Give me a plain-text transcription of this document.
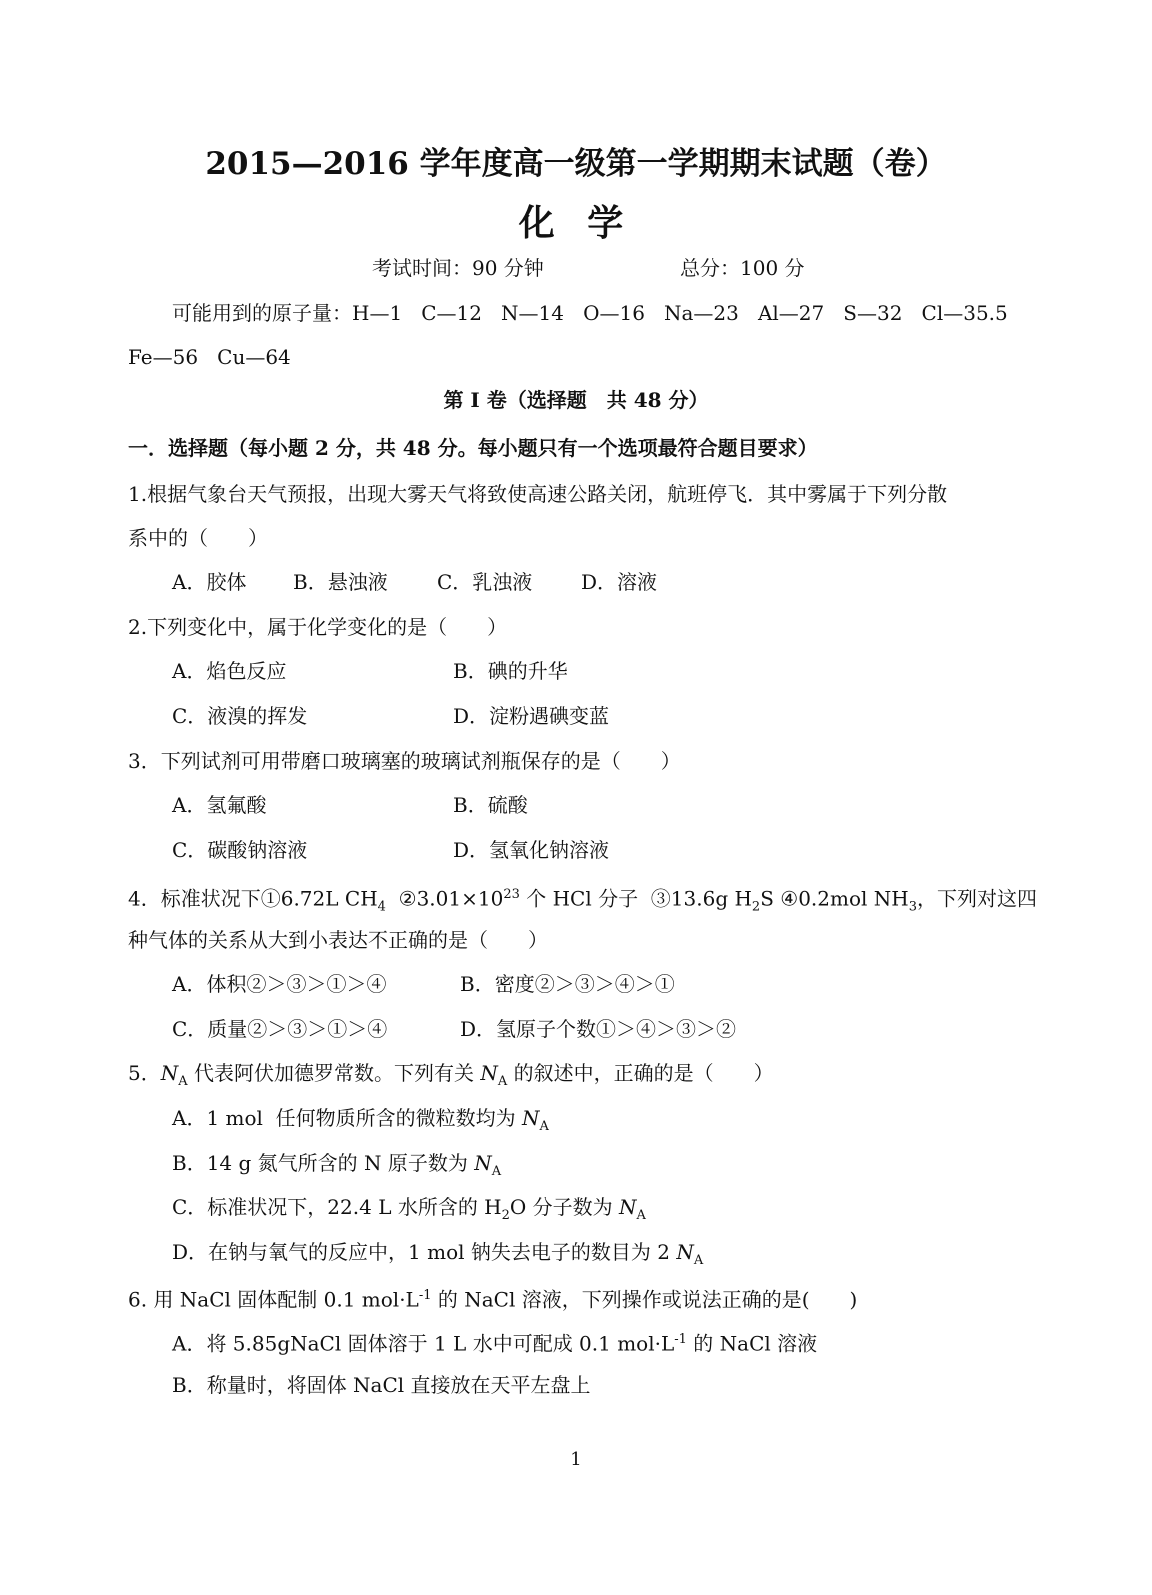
2015—2016 学年度高一级第一学期期末试题（卷）
化 学
考试时间：90 分钟	总分：100 分
可能用到的原子量：H—1   C—12   N—14   O—16   Na—23   Al—27   S—32   Cl—35.5
Fe—56   Cu—64
第 I 卷（选择题　共 48 分）
一．选择题（每小题 2 分，共 48 分。每小题只有一个选项最符合题目要求）
1.根据气象台天气预报，出现大雾天气将致使高速公路关闭，航班停飞．其中雾属于下列分散
系中的（　　）
A．胶体 B．悬浊液 C．乳浊液 D．溶液
2.下列变化中，属于化学变化的是（　　）
A．焰色反应	B．碘的升华
C．液溴的挥发	D．淀粉遇碘变蓝
3．下列试剂可用带磨口玻璃塞的玻璃试剂瓶保存的是（　　）
A．氢氟酸	B．硫酸
C．碳酸钠溶液	D．氢氧化钠溶液
4．标准状况下①6.72L $CH_4$  $②3.01\times 10^{23}$ 个 HCl 分子  ③13.6g $H_2S$ ④0.2mol $NH_3$，下列对这四
种气体的关系从大到小表达不正确的是（　　）
A．体积②＞③＞①＞④	B．密度②＞③＞④＞①
C．质量②＞③＞①＞④	D．氢原子个数①＞④＞③＞②
5．$N_A$ 代表阿伏加德罗常数。下列有关 $N_A$ 的叙述中，正确的是（　　）
A．1 mol  任何物质所含的微粒数均为 $N_A$
B．14 g 氮气所含的 N 原子数为 $N_A$
C．标准状况下，22.4 L 水所含的 $H_2O$ 分子数为 $N_A$
D．在钠与氧气的反应中，1 mol 钠失去电子的数目为 2 $N_A$
6. 用 NaCl 固体配制 0.1 $mol\cdot L^{-1}$ 的 NaCl 溶液，下列操作或说法正确的是(　　)
A．将 5.85gNaCl 固体溶于 1 L 水中可配成 0.1 $mol\cdot L^{-1}$ 的 NaCl 溶液
B．称量时，将固体 NaCl 直接放在天平左盘上
1
